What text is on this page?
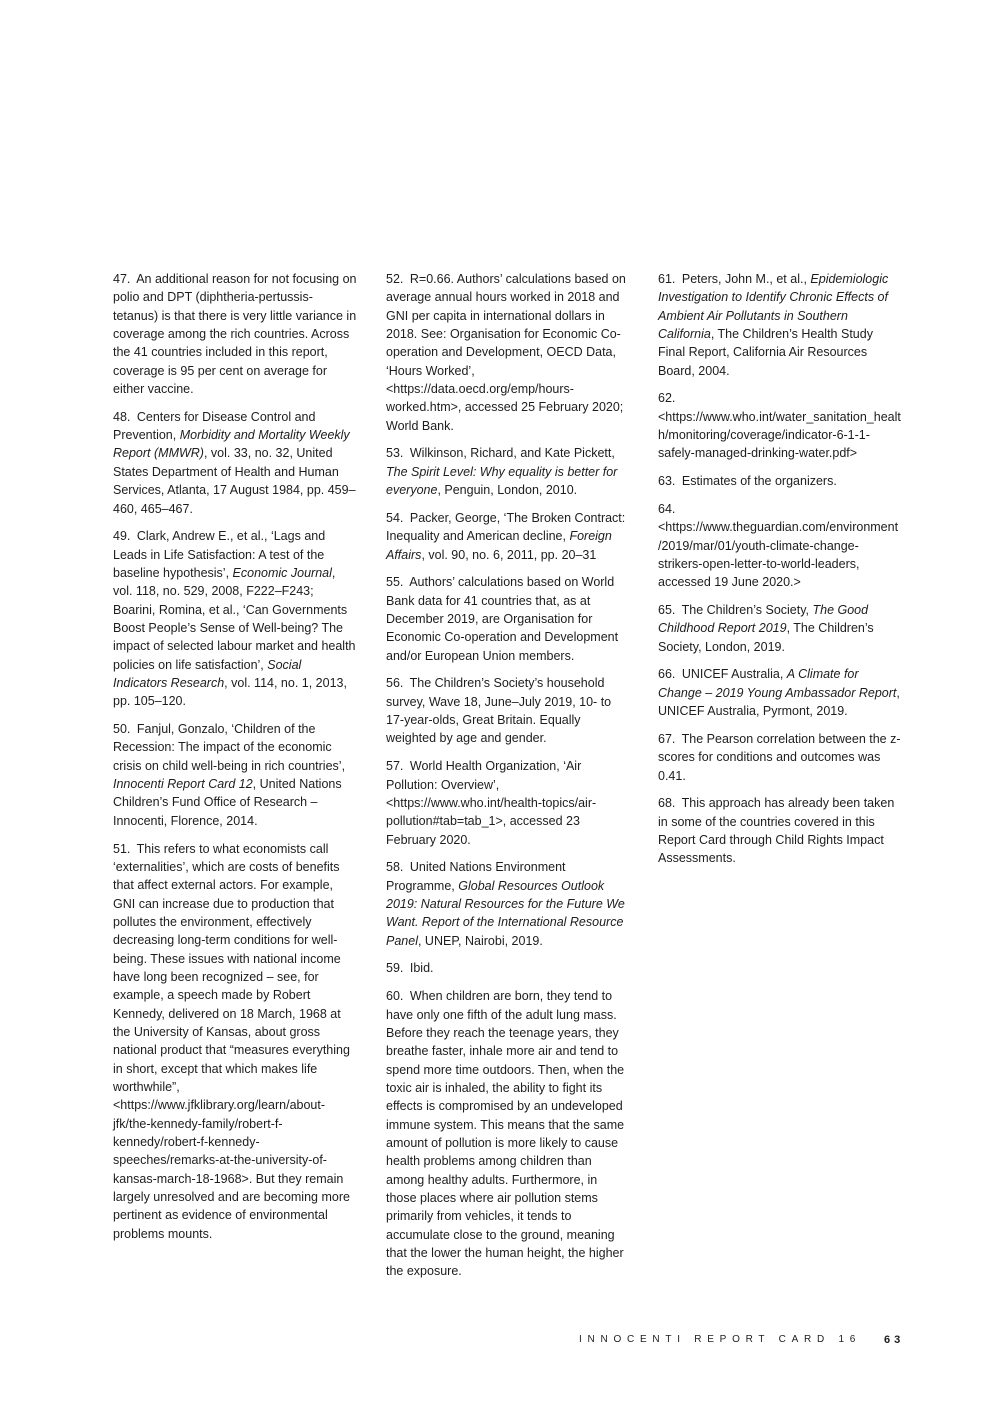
47. An additional reason for not focusing on polio and DPT (diphtheria-pertussis-tetanus) is that there is very little variance in coverage among the rich countries. Across the 41 countries included in this report, coverage is 95 per cent on average for either vaccine.

48. Centers for Disease Control and Prevention, Morbidity and Mortality Weekly Report (MMWR), vol. 33, no. 32, United States Department of Health and Human Services, Atlanta, 17 August 1984, pp. 459–460, 465–467.

49. Clark, Andrew E., et al., ‘Lags and Leads in Life Satisfaction: A test of the baseline hypothesis’, Economic Journal, vol. 118, no. 529, 2008, F222–F243; Boarini, Romina, et al., ‘Can Governments Boost People’s Sense of Well-being? The impact of selected labour market and health policies on life satisfaction’, Social Indicators Research, vol. 114, no. 1, 2013, pp. 105–120.

50. Fanjul, Gonzalo, ‘Children of the Recession: The impact of the economic crisis on child well-being in rich countries’, Innocenti Report Card 12, United Nations Children’s Fund Office of Research – Innocenti, Florence, 2014.

51. This refers to what economists call ‘externalities’, which are costs of benefits that affect external actors. For example, GNI can increase due to production that pollutes the environment, effectively decreasing long-term conditions for well-being. These issues with national income have long been recognized – see, for example, a speech made by Robert Kennedy, delivered on 18 March, 1968 at the University of Kansas, about gross national product that “measures everything in short, except that which makes life worthwhile”, <https://www.jfklibrary.org/learn/about-jfk/the-kennedy-family/robert-f-kennedy/robert-f-kennedy-speeches/remarks-at-the-university-of-kansas-march-18-1968>. But they remain largely unresolved and are becoming more pertinent as evidence of environmental problems mounts.

52. R=0.66. Authors’ calculations based on average annual hours worked in 2018 and GNI per capita in international dollars in 2018. See: Organisation for Economic Co-operation and Development, OECD Data, ‘Hours Worked’, <https://data.oecd.org/emp/hours-worked.htm>, accessed 25 February 2020; World Bank.

53. Wilkinson, Richard, and Kate Pickett, The Spirit Level: Why equality is better for everyone, Penguin, London, 2010.

54. Packer, George, ‘The Broken Contract: Inequality and American decline, Foreign Affairs, vol. 90, no. 6, 2011, pp. 20–31

55. Authors’ calculations based on World Bank data for 41 countries that, as at December 2019, are Organisation for Economic Co-operation and Development and/or European Union members.

56. The Children’s Society’s household survey, Wave 18, June–July 2019, 10- to 17-year-olds, Great Britain. Equally weighted by age and gender.

57. World Health Organization, ‘Air Pollution: Overview’, <https://www.who.int/health-topics/air-pollution#tab=tab_1>, accessed 23 February 2020.

58. United Nations Environment Programme, Global Resources Outlook 2019: Natural Resources for the Future We Want. Report of the International Resource Panel, UNEP, Nairobi, 2019.

59. Ibid.

60. When children are born, they tend to have only one fifth of the adult lung mass. Before they reach the teenage years, they breathe faster, inhale more air and tend to spend more time outdoors. Then, when the toxic air is inhaled, the ability to fight its effects is compromised by an undeveloped immune system. This means that the same amount of pollution is more likely to cause health problems among children than among healthy adults. Furthermore, in those places where air pollution stems primarily from vehicles, it tends to accumulate close to the ground, meaning that the lower the human height, the higher the exposure.

61. Peters, John M., et al., Epidemiologic Investigation to Identify Chronic Effects of Ambient Air Pollutants in Southern California, The Children’s Health Study Final Report, California Air Resources Board, 2004.

62. <https://www.who.int/water_sanitation_health/monitoring/coverage/indicator-6-1-1-safely-managed-drinking-water.pdf>

63. Estimates of the organizers.

64. <https://www.theguardian.com/environment/2019/mar/01/youth-climate-change-strikers-open-letter-to-world-leaders, accessed 19 June 2020.>

65. The Children’s Society, The Good Childhood Report 2019, The Children’s Society, London, 2019.

66. UNICEF Australia, A Climate for Change – 2019 Young Ambassador Report, UNICEF Australia, Pyrmont, 2019.

67. The Pearson correlation between the z-scores for conditions and outcomes was 0.41.

68. This approach has already been taken in some of the countries covered in this Report Card through Child Rights Impact Assessments.

INNOCENTI REPORT CARD 16 63
